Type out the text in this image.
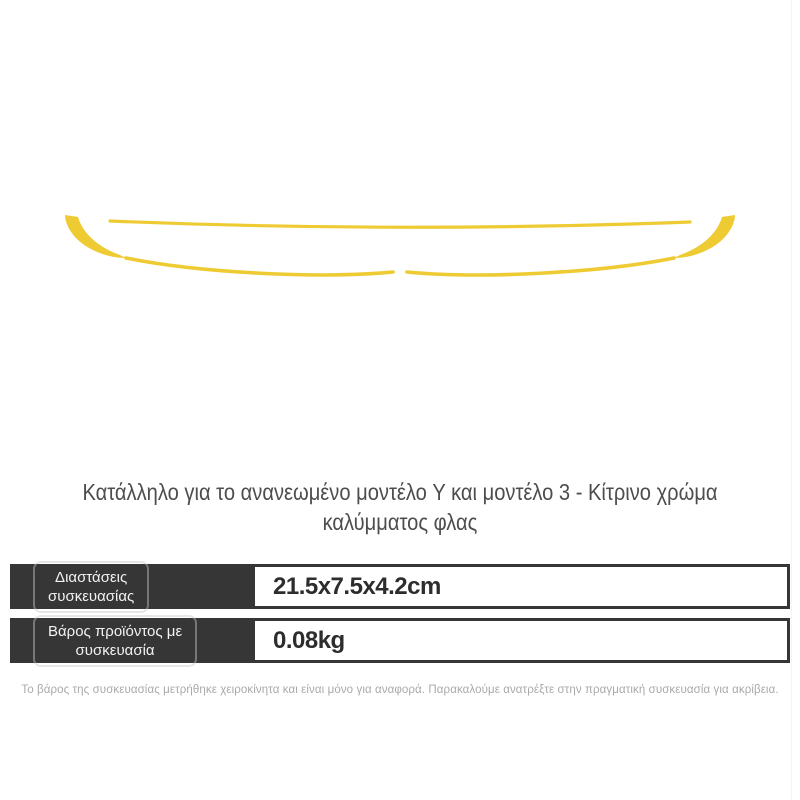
Κατάλληλο για το ανανεωμένο μοντέλο Y και μοντέλο 3 - Κίτρινο χρώμα καλύμματος φλας
Διαστάσεις
συσκευασίας	21.5x7.5x4.2cm
Βάρος προϊόντος με
συσκευασία	0.08kg
Το βάρος της συσκευασίας μετρήθηκε χειροκίνητα και είναι μόνο για αναφορά. Παρακαλούμε ανατρέξτε στην πραγματική συσκευασία για ακρίβεια.
